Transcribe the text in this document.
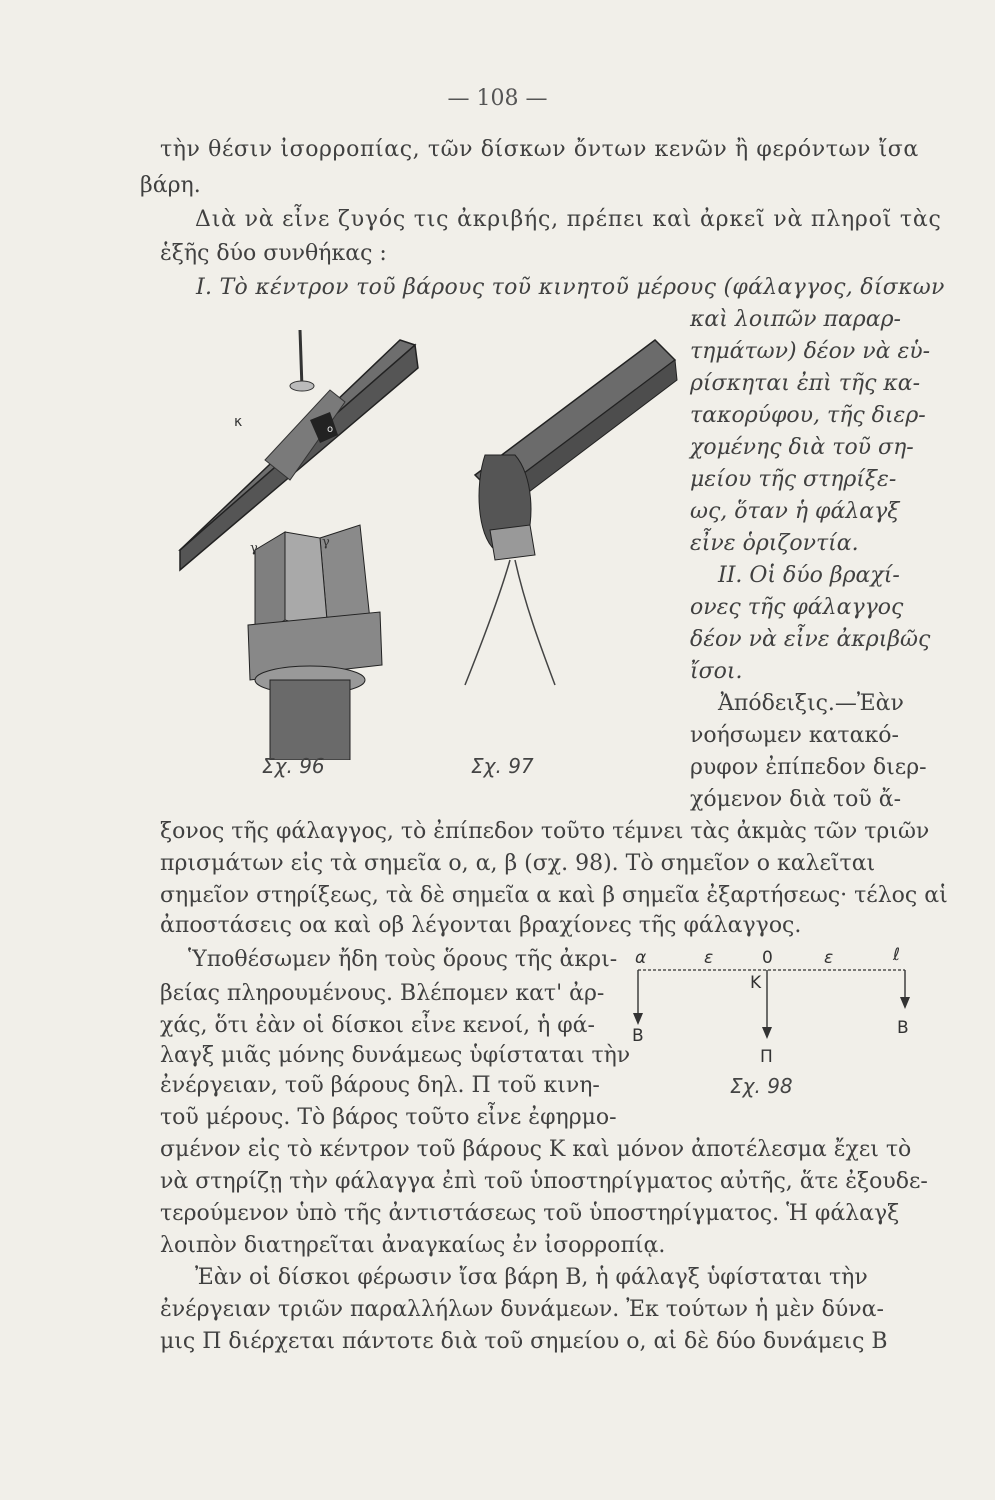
— 108 —
τὴν θέσιν ἰσορροπίας, τῶν δίσκων ὄντων κενῶν ἢ φερόντων ἴσα
βάρη.
Διὰ νὰ εἶνε ζυγός τις ἀκριβής, πρέπει καὶ ἀρκεῖ νὰ πληροῖ τὰς
ἑξῆς δύο συνθήκας :
I. Τὸ κέντρον τοῦ βάρους τοῦ κινητοῦ μέρους (φάλαγγος, δίσκων
καὶ λοιπῶν παραρ-
τημάτων) δέον νὰ εὑ-
ρίσκηται ἐπὶ τῆς κα-
τακορύφου, τῆς διερ-
χομένης διὰ τοῦ ση-
μείου τῆς στηρίξε-
ως, ὅταν ἡ φάλαγξ
εἶνε ὁριζοντία.
II. Οἱ δύο βραχί-
ονες τῆς φάλαγγος
δέον νὰ εἶνε ἀκριβῶς
ἴσοι.
Ἀπόδειξις.—Ἐὰν
νοήσωμεν κατακό-
ρυφον ἐπίπεδον διερ-
χόμενον διὰ τοῦ ἄ-
o
κ
γ	γ
Σχ. 96	Σχ. 97
ξονος τῆς φάλαγγος, τὸ ἐπίπεδον τοῦτο τέμνει τὰς ἀκμὰς τῶν τριῶν
πρισμάτων εἰς τὰ σημεῖα ο, α, β (σχ. 98). Τὸ σημεῖον ο καλεῖται
σημεῖον στηρίξεως, τὰ δὲ σημεῖα α καὶ β σημεῖα ἐξαρτήσεως· τέλος αἱ
ἀποστάσεις οα καὶ οβ λέγονται βραχίονες τῆς φάλαγγος.
Ὑποθέσωμεν ἤδη τοὺς ὅρους τῆς ἀκρι-
βείας πληρουμένους. Βλέπομεν κατ' ἀρ-
χάς, ὅτι ἐὰν οἱ δίσκοι εἶνε κενοί, ἡ φά-
λαγξ μιᾶς μόνης δυνάμεως ὑφίσταται τὴν
ἐνέργειαν, τοῦ βάρους δηλ. Π τοῦ κινη-
τοῦ μέρους. Τὸ βάρος τοῦτο εἶνε ἐφηρμο-
α	ε	0	ε	ℓ
Κ
Β	Β
Π
Σχ. 98
σμένον εἰς τὸ κέντρον τοῦ βάρους Κ καὶ μόνον ἀποτέλεσμα ἔχει τὸ
νὰ στηρίζῃ τὴν φάλαγγα ἐπὶ τοῦ ὑποστηρίγματος αὐτῆς, ἅτε ἐξουδε-
τερούμενον ὑπὸ τῆς ἀντιστάσεως τοῦ ὑποστηρίγματος. Ἡ φάλαγξ
λοιπὸν διατηρεῖται ἀναγκαίως ἐν ἰσορροπίᾳ.
Ἐὰν οἱ δίσκοι φέρωσιν ἴσα βάρη Β, ἡ φάλαγξ ὑφίσταται τὴν
ἐνέργειαν τριῶν παραλλήλων δυνάμεων. Ἐκ τούτων ἡ μὲν δύνα-
μις Π διέρχεται πάντοτε διὰ τοῦ σημείου ο, αἱ δὲ δύο δυνάμεις Β
